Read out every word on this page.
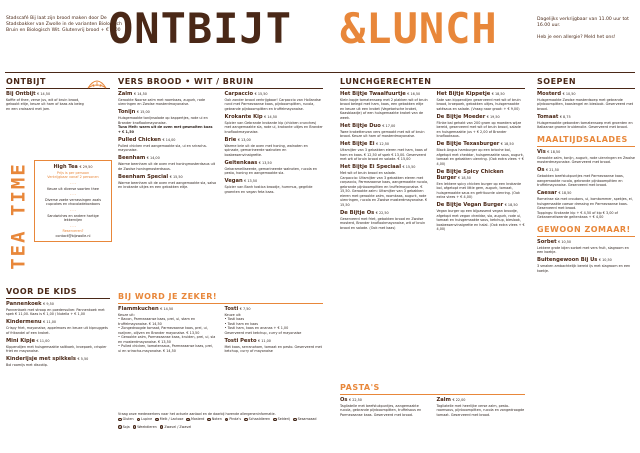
Stadscafé Bij laat zijn brood maken door De Stadsbakker van Zwolle in de varianten Biologisch Bruin en Biologisch Wit. Glutenvrij brood + € 1,00
ONTBIJT &LUNCH	Dagelijks verkrijgbaar van 11.00 uur tot 16.00 uur.

Heb je een allergie? Meld het ons!

ONTBIJT
Bij Ontbijt € 14,50
Koffie of thee, verse jus, wit of bruin brood, gekookt eitje, keuze uit ham of kaas als beleg en een croissant met jam.
TEA TIME	High Tea € 29,50
Prijs is per persoon
Verkrijgbaar vanaf 2 personen
- - -
Keuze uit diverse soorten thee
- - -
Diverse zoete verrassingen zoals cupcakes en chocoladebonbons
- - -
Sandwiches en andere hartige lekkernijen
- - -
Reserveren?
contact@bijzwolle.nl
VOOR DE KIDS
Pannenkoek € 9,50
Pannenkoek met stroop en poedersuiker. Pannenkoek met spek € 11,00. Kaas is € 1,00 / Nutella + € 1,00
Kindermenu € 11,00
Crispy friet, mayonaise, appelmoes en keuze uit kipnuggets of frikandel of een kroket.
Mini Kipje € 11,00
Kippendijen met huisgemaakte saltkoek, kroepoek, crispier friet en mayonaise.
Kinderijsje met spikkels € 5,50
Bol roomijs met discotip.
VERS BROOD • WIT / BRUIN
Zalm € 14,50
Gerookte Noorse zalm met roomkaas, augurk, rode uienringen en Zwolse mosterdmayonaise.
Tonijn € 15,00
Huisgemaakte tonijnsalade op kappertjes, rode ui en Brander knoflookmayonaise.
Tuna Melt: warm uit de oven met gesmolten kaas + € 1,50
Pulled Chicken € 14,00
Pulled chicken met aangemaakte sla, ui en sriracha-mayonaise.
Beenham € 14,00
Warme beenham uit de oven met honingmosterdsaus uit de Zwolse honingmosterdsaus.
Beenham Special € 15,50
Warme beenham uit de oven met aangemaakte sla, salsa en krokante uitjes en een gebakken eitje.
Carpaccio € 15,50
Ook zonder brood verkrijgbaar! Carpaccio van Hollandse rund met Parmezaanse kaas, pijnboompitten, rucola, gebrande pijnboompitten en truffelmayonaise.
Krokante Kip € 14,50
Spicier van Gebrande krokante kip (chicken crunches) met aangemaakte sla, rode ui, krokante uitjes en Brander knoflookmayonaise.
Brie € 13,00
Warme brie uit de oven met honing, walnoten en spinazie, gemarineerde walnoten en bosbessenvinaigrette.
Geitenkaas € 13,50
Gekaramelliseerde, gemarineerde walnoten, rucola en pesto, honing en aangemaakte sla.
Vegan € 13,50
Spicier van Banh tostica broodje, hummus, gegrilde groenten en vegan feta kaas.
BIJ WORD JE ZEKER!
Flammkuchen € 14,50
Keuze uit:

• Bacon, Parmezaanse kaas, prei, ui, stam en truffelmayonaise. € 14,50

• Zongedroogde tomaat, Parmezaanse kaas, prei, ui, rozijnen, olijven en Brander mayonaise. € 13,50

• Gerookte zalm, Parmezaanse kaas, kruiden, prei, ui, sla en mosterdmayonaise. € 13,50

• Pulled chicken, tomatensaus, Parmezaanse kaas, prei, ui en sriracha-mayonaise. € 14,50

Tosti € 7,50
Keuze uit:

• Tosti kaas

• Tosti ham en kaas

• Tosti ham, kaas en ananas + € 1,00

Geserveerd met ketchup, curry of mayonaise

Tosti Pesto € 11,00
Met kaas, serranoham, tomaat en pesto. Geserveerd met ketchup, curry of mayonaise
Vraag onze medewerkers naar het actuele aanbod en de daarbij horende allergeneninformatie.
G Gluten	L Lupine	M Melk / Lactose	Mo Mosterd	N Noten	P Pinda's	S Schaaldieren	Se Selderij	Ss Sesamzaad
So Soja	W Weekdieren	Z Zwavel / Zwavel
LUNCHGERECHTEN
Het Bijtje Twaalfuurtje € 16,50
Klein kopje tomatensoep met 2 plakken wit of bruin brood belegd met ham, kaas, een gebakken eitje en keuze uit een kroket (Vegetarische kroket, Kaasblaadje) of een huisgemaakte kroket van de week.
Het Bijtje Duo € 17,00
Twee krokettenvan vers gemaakt met wit of bruin brood. Keuze uit ham of mosterdmayonaise.
Het Bijtje Ei € 12,50
Uitsmijter van 3 gebakken eieren met ham, kaas of ham en kaas. € 12,50 of spek € 13,00. Geserveerd met wit of bruin brood en salade. € 15,00
Het Bijtje Ei Speciaal € 15,50
Met wit of bruin brood en salade.
Carpaccio: Uitsmijter van 3 gebakken eieren met carpaccio, Parmezaanse kaas, aangemaakte rucola, gebrande pijnboompitten en truffelmayonaise. € 15,50. Gerookte zalm: Uitsmijter van 3 gebakken eieren met gerookte zalm, roomkaas, augurk, rode uienringen, rucola en Zwolse mosterdmayonaise. € 15,50
De Bijtje Os € 22,50
Geserveerd met friet, gebakken brood en Zwolse mosterd, Brander knoflookmayonaise, wit of bruin brood en salade. (Ook met kaas)
Het Bijtje Kippetje € 18,50
Sate van kippendijen geserveerd met wit of bruin brood, kroepoek, gebakken uitjes, huisgemaakte satésaus en salade. (Vraag naar groot: + € 9,00)
De Bijtje Moeder € 19,50
Flinke bal gehakt van 200 gram op moeders wijze bereid, geserveerd met wit of bruin brood, salade en huisgemaakte jus + € 2,00 of Brander knoflooksaus.
De Bijtje Texasburger € 18,50
Black Angus hamburger op een brioche bol, afgetopt met cheddar, huisgemaakte saus, augurk, tomaat en gebakken uienring. (Ook extra vlees + € 4,00)
De Bijtje Spicy Chicken Burger € 18,50
Een lekkere spicy chicken burger op een krokante bol, afgetopt met little gem, augurk, tomaat, huisgemaakte saus en gefrituurde uienring. (Ook extra vlees + € 4,00)
De Bijtje Vegan Burger € 18,50
Vegan burger op een bijpassend vegan broodje, afgetopt met vegan cheddar, sla, augurk, rode ui, tomaat en huisgemaakte saus, ketchup, bieslook, bosbessenvinaigrette en halal. (Ook extra vlees + € 4,00)
PASTA'S
Os € 22,50
Tagliatelle met beefstukpuntjes, aangemaakte rucola, gebrande pijnboompitten, truffelsaus en Parmezaanse kaas. Geserveerd met brood.
Zalm € 22,00
Tagliatelle met heerlijke verse zalm, pesto-roomsaus, pijnboompitten, rucola en zongedroogde tomaat. Geserveerd met brood.
SOEPEN
Mosterd € 10,50
Huisgemaakte Zwolse mosterdsoep met gebrande pijnboompitten, kaaslengel en bieslook. Geserveerd met brood.
Tomaat € 8,75
Huisgemaakte gebonden tomatensoep met groenten en Italiaanse groene kruidenolie. Geserveerd met brood.
MAALTIJDSALADES
Vis € 18,50
Gerookte zalm, tonijn, augurk, rode uienringen en Zwolse mosterdmayonaise. Geserveerd met brood.
Os € 21,50
Gebakken beefstukpuntjes met Parmezaanse kaas, aangemaakte rucola, gebrande pijnboompitten en truffelmayonaise. Geserveerd met brood.
Caesar € 18,50
Romeinse sla met croutons, ui, komkommer, spekjes, ei, huisgemaakte caesar dressing en Parmezaanse kaas. Geserveerd met brood.
Toppings: Krokante kip + € 4,50 of kip € 3,00 of Gekarameliseerde geitenkaas + € 4,00
GEWOON ZOMAAR!
Sorbet € 10,50
Lekkere grote bijen sorbet met vers fruit, slagroom en een koekje.
Buitengewoon Bij Us € 10,50
3 smaken ambachtelijk bereid ijs met slagroom en een koekje.
